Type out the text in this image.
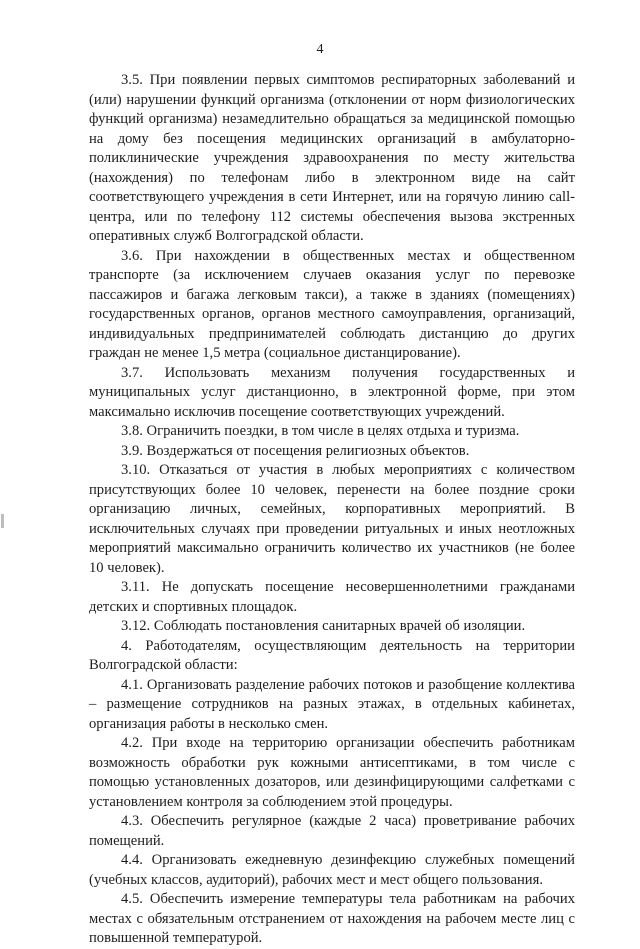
4

3.5. При появлении первых симптомов респираторных заболеваний и (или) нарушении функций организма (отклонении от норм физиологических функций организма) незамедлительно обращаться за медицинской помощью на дому без посещения медицинских организаций в амбулаторно-поликлинические учреждения здравоохранения по месту жительства (нахождения) по телефонам либо в электронном виде на сайт соответствующего учреждения в сети Интернет, или на горячую линию call-центра, или по телефону 112 системы обеспечения вызова экстренных оперативных служб Волгоградской области.

3.6. При нахождении в общественных местах и общественном транспорте (за исключением случаев оказания услуг по перевозке пассажиров и багажа легковым такси), а также в зданиях (помещениях) государственных органов, органов местного самоуправления, организаций, индивидуальных предпринимателей соблюдать дистанцию до других граждан не менее 1,5 метра (социальное дистанцирование).

3.7. Использовать механизм получения государственных и муниципальных услуг дистанционно, в электронной форме, при этом максимально исключив посещение соответствующих учреждений.

3.8. Ограничить поездки, в том числе в целях отдыха и туризма.

3.9. Воздержаться от посещения религиозных объектов.

3.10. Отказаться от участия в любых мероприятиях с количеством присутствующих более 10 человек, перенести на более поздние сроки организацию личных, семейных, корпоративных мероприятий. В исключительных случаях при проведении ритуальных и иных неотложных мероприятий максимально ограничить количество их участников (не более 10 человек).

3.11. Не допускать посещение несовершеннолетними гражданами детских и спортивных площадок.

3.12. Соблюдать постановления санитарных врачей об изоляции.

4. Работодателям, осуществляющим деятельность на территории Волгоградской области:

4.1. Организовать разделение рабочих потоков и разобщение коллектива – размещение сотрудников на разных этажах, в отдельных кабинетах, организация работы в несколько смен.

4.2. При входе на территорию организации обеспечить работникам возможность обработки рук кожными антисептиками, в том числе с помощью установленных дозаторов, или дезинфицирующими салфетками с установлением контроля за соблюдением этой процедуры.

4.3. Обеспечить регулярное (каждые 2 часа) проветривание рабочих помещений.

4.4. Организовать ежедневную дезинфекцию служебных помещений (учебных классов, аудиторий), рабочих мест и мест общего пользования.

4.5. Обеспечить измерение температуры тела работникам на рабочих местах с обязательным отстранением от нахождения на рабочем месте лиц с повышенной температурой.
